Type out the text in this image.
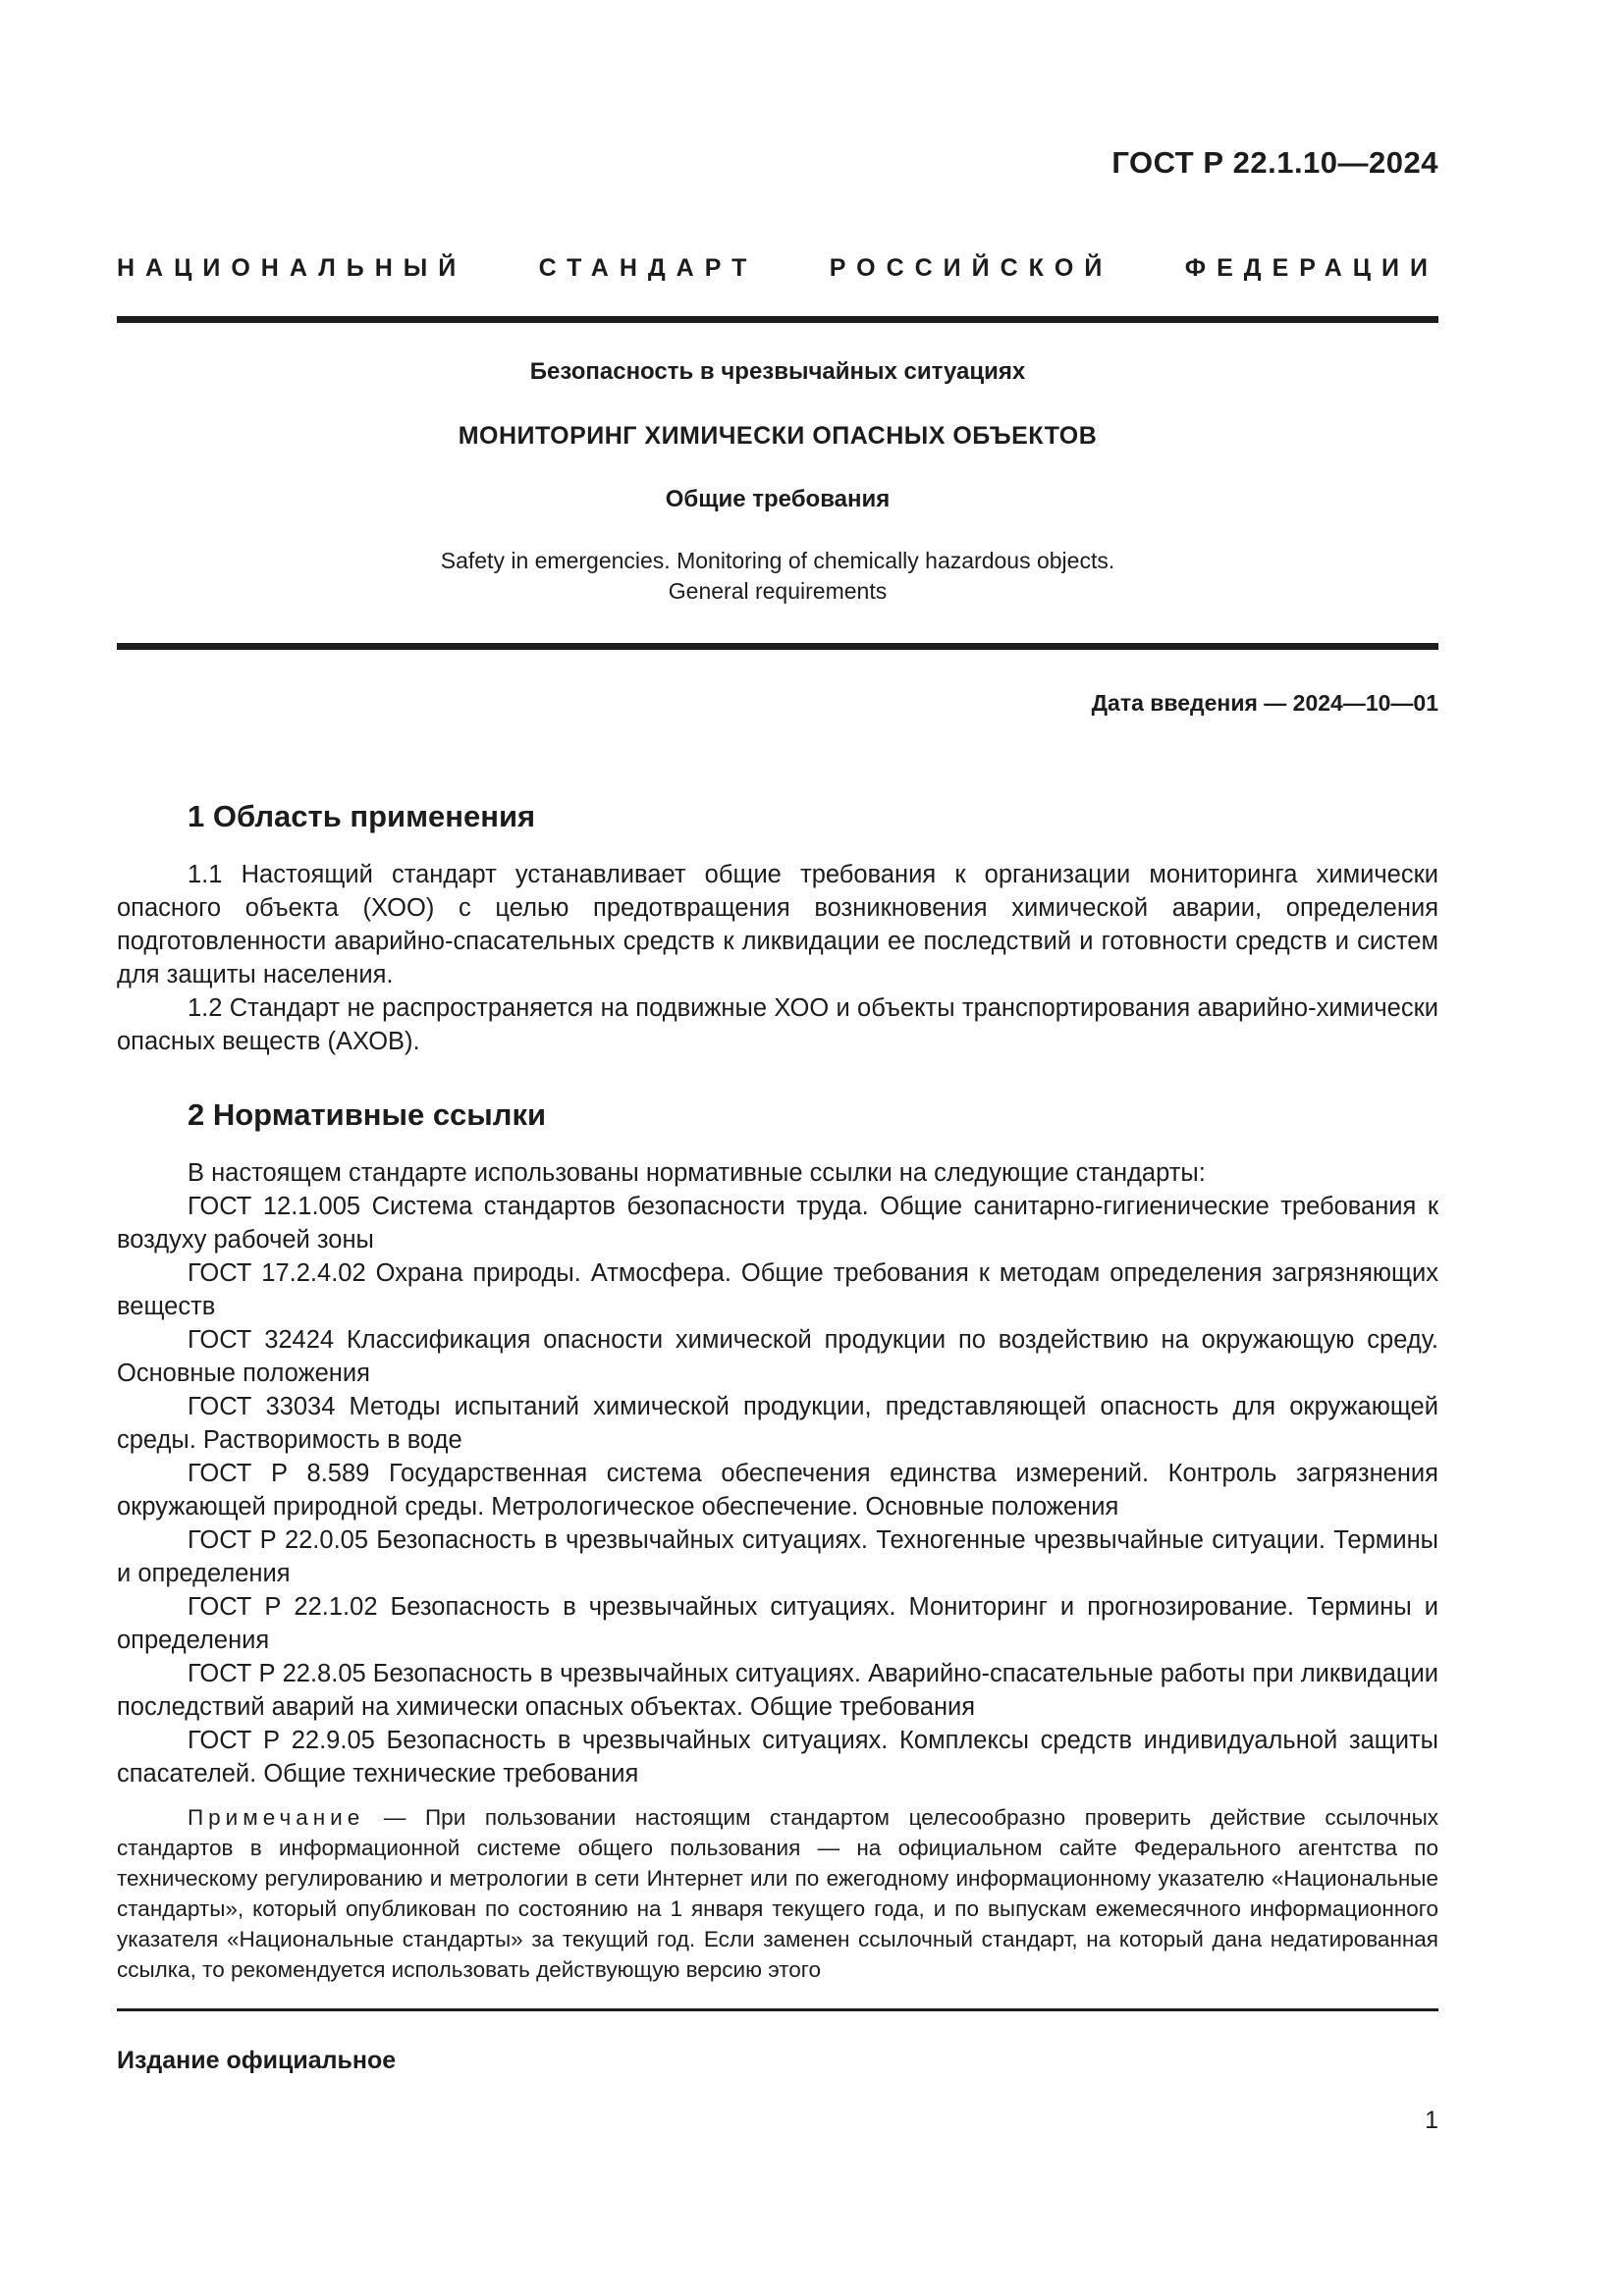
ГОСТ Р 22.1.10—2024
НАЦИОНАЛЬНЫЙ СТАНДАРТ РОССИЙСКОЙ ФЕДЕРАЦИИ
Безопасность в чрезвычайных ситуациях
МОНИТОРИНГ ХИМИЧЕСКИ ОПАСНЫХ ОБЪЕКТОВ
Общие требования
Safety in emergencies. Monitoring of chemically hazardous objects.
General requirements
Дата введения — 2024—10—01
1 Область применения

1.1 Настоящий стандарт устанавливает общие требования к организации мониторинга химически опасного объекта (ХОО) с целью предотвращения возникновения химической аварии, определения подготовленности аварийно-спасательных средств к ликвидации ее последствий и готовности средств и систем для защиты населения.

1.2 Стандарт не распространяется на подвижные ХОО и объекты транспортирования аварийно-химически опасных веществ (АХОВ).

2 Нормативные ссылки

В настоящем стандарте использованы нормативные ссылки на следующие стандарты:

ГОСТ 12.1.005 Система стандартов безопасности труда. Общие санитарно-гигиенические требования к воздуху рабочей зоны

ГОСТ 17.2.4.02 Охрана природы. Атмосфера. Общие требования к методам определения загрязняющих веществ

ГОСТ 32424 Классификация опасности химической продукции по воздействию на окружающую среду. Основные положения

ГОСТ 33034 Методы испытаний химической продукции, представляющей опасность для окружающей среды. Растворимость в воде

ГОСТ Р 8.589 Государственная система обеспечения единства измерений. Контроль загрязнения окружающей природной среды. Метрологическое обеспечение. Основные положения

ГОСТ Р 22.0.05 Безопасность в чрезвычайных ситуациях. Техногенные чрезвычайные ситуации. Термины и определения

ГОСТ Р 22.1.02 Безопасность в чрезвычайных ситуациях. Мониторинг и прогнозирование. Термины и определения

ГОСТ Р 22.8.05 Безопасность в чрезвычайных ситуациях. Аварийно-спасательные работы при ликвидации последствий аварий на химически опасных объектах. Общие требования

ГОСТ Р 22.9.05 Безопасность в чрезвычайных ситуациях. Комплексы средств индивидуальной защиты спасателей. Общие технические требования

Примечание — При пользовании настоящим стандартом целесообразно проверить действие ссылочных стандартов в информационной системе общего пользования — на официальном сайте Федерального агентства по техническому регулированию и метрологии в сети Интернет или по ежегодному информационному указателю «Национальные стандарты», который опубликован по состоянию на 1 января текущего года, и по выпускам ежемесячного информационного указателя «Национальные стандарты» за текущий год. Если заменен ссылочный стандарт, на который дана недатированная ссылка, то рекомендуется использовать действующую версию этого

Издание официальное
1
